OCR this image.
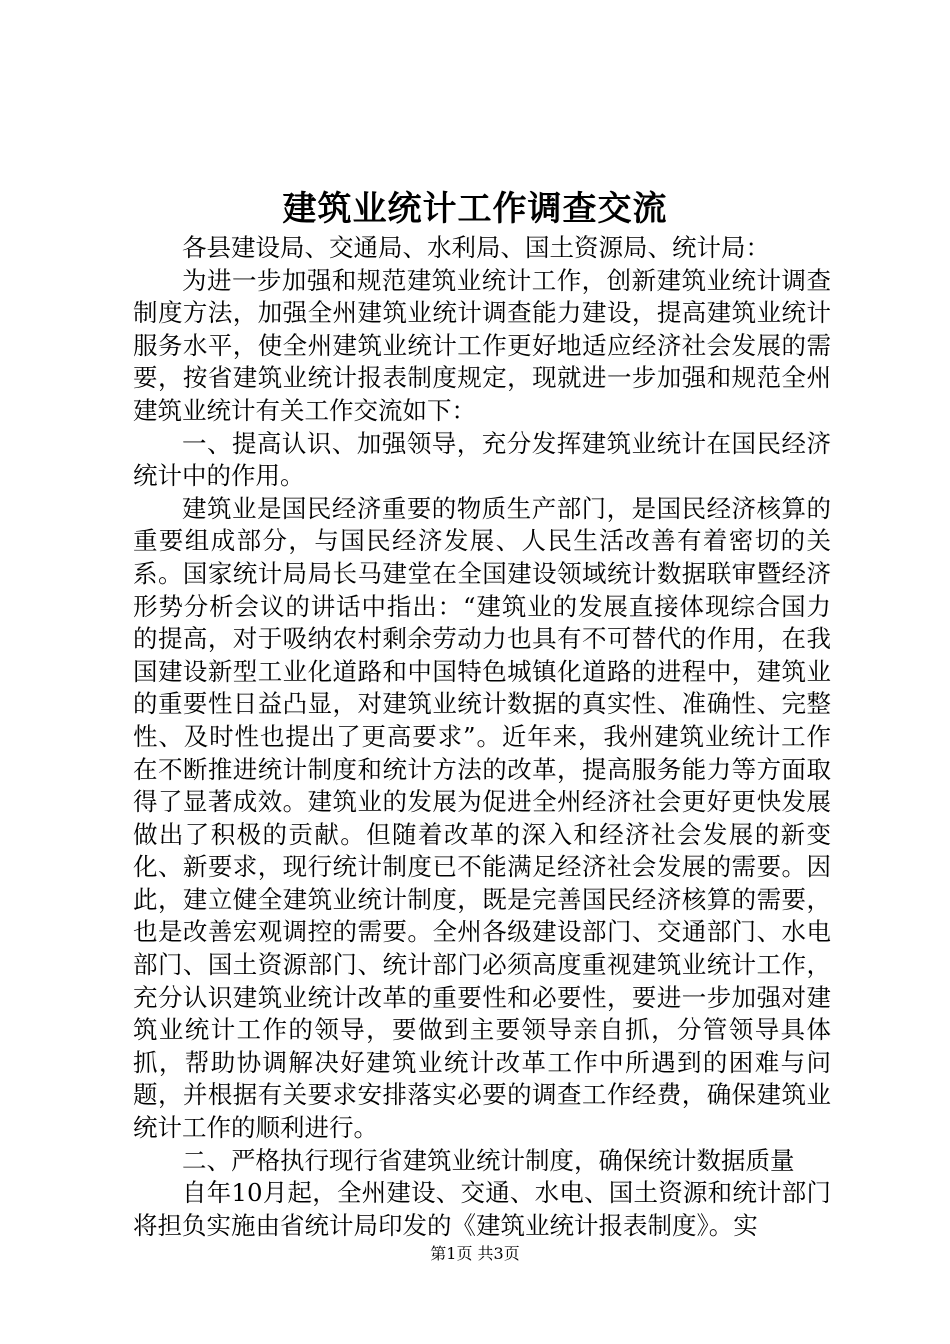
建筑业统计工作调查交流

各县建设局、交通局、水利局、国土资源局、统计局：

为进一步加强和规范建筑业统计工作，创新建筑业统计调查制度方法，加强全州建筑业统计调查能力建设，提高建筑业统计服务水平，使全州建筑业统计工作更好地适应经济社会发展的需要，按省建筑业统计报表制度规定，现就进一步加强和规范全州建筑业统计有关工作交流如下：

一、提高认识、加强领导，充分发挥建筑业统计在国民经济统计中的作用。

建筑业是国民经济重要的物质生产部门，是国民经济核算的重要组成部分，与国民经济发展、人民生活改善有着密切的关系。国家统计局局长马建堂在全国建设领域统计数据联审暨经济形势分析会议的讲话中指出：“建筑业的发展直接体现综合国力的提高，对于吸纳农村剩余劳动力也具有不可替代的作用，在我国建设新型工业化道路和中国特色城镇化道路的进程中，建筑业的重要性日益凸显，对建筑业统计数据的真实性、准确性、完整性、及时性也提出了更高要求”。近年来，我州建筑业统计工作在不断推进统计制度和统计方法的改革，提高服务能力等方面取得了显著成效。建筑业的发展为促进全州经济社会更好更快发展做出了积极的贡献。但随着改革的深入和经济社会发展的新变化、新要求，现行统计制度已不能满足经济社会发展的需要。因此，建立健全建筑业统计制度，既是完善国民经济核算的需要，也是改善宏观调控的需要。全州各级建设部门、交通部门、水电部门、国土资源部门、统计部门必须高度重视建筑业统计工作，充分认识建筑业统计改革的重要性和必要性，要进一步加强对建筑业统计工作的领导，要做到主要领导亲自抓，分管领导具体抓，帮助协调解决好建筑业统计改革工作中所遇到的困难与问题，并根据有关要求安排落实必要的调查工作经费，确保建筑业统计工作的顺利进行。

二、严格执行现行省建筑业统计制度，确保统计数据质量

自年10月起，全州建设、交通、水电、国土资源和统计部门将担负实施由省统计局印发的《建筑业统计报表制度》。实

第1页 共3页
